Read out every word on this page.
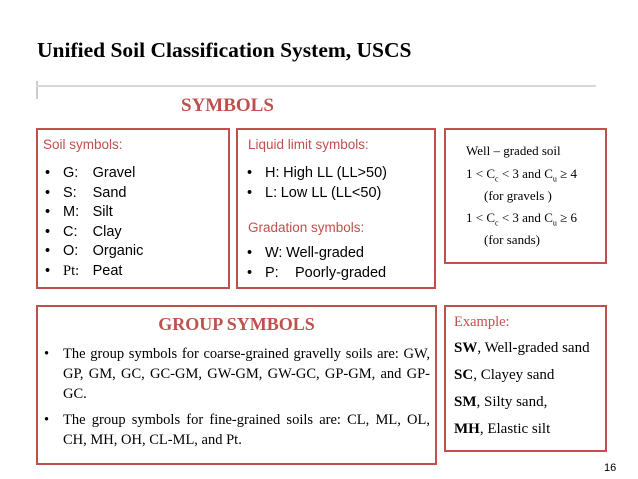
Unified Soil Classification System, USCS
SYMBOLS
Soil symbols:
• G: Gravel
• S: Sand
• M: Silt
• C: Clay
• O: Organic
• Pt: Peat
Liquid limit symbols:
• H: High LL (LL>50)
• L: Low LL (LL<50)
Gradation symbols:
• W: Well-graded
• P: Poorly-graded
Well – graded soil
$1 < C_c < 3$ and $C_u \ge 4$
(for gravels )
$1 < C_c < 3$ and $C_u \ge 6$
(for sands)
GROUP SYMBOLS
• The group symbols for coarse-grained gravelly soils are: GW, GP, GM, GC, GC-GM, GW-GM, GW-GC, GP-GM, and GP-GC.
• The group symbols for fine-grained soils are: CL, ML, OL, CH, MH, OH, CL-ML, and Pt.
Example:
SW, Well-graded sand
SC, Clayey sand
SM, Silty sand,
MH, Elastic silt
16
